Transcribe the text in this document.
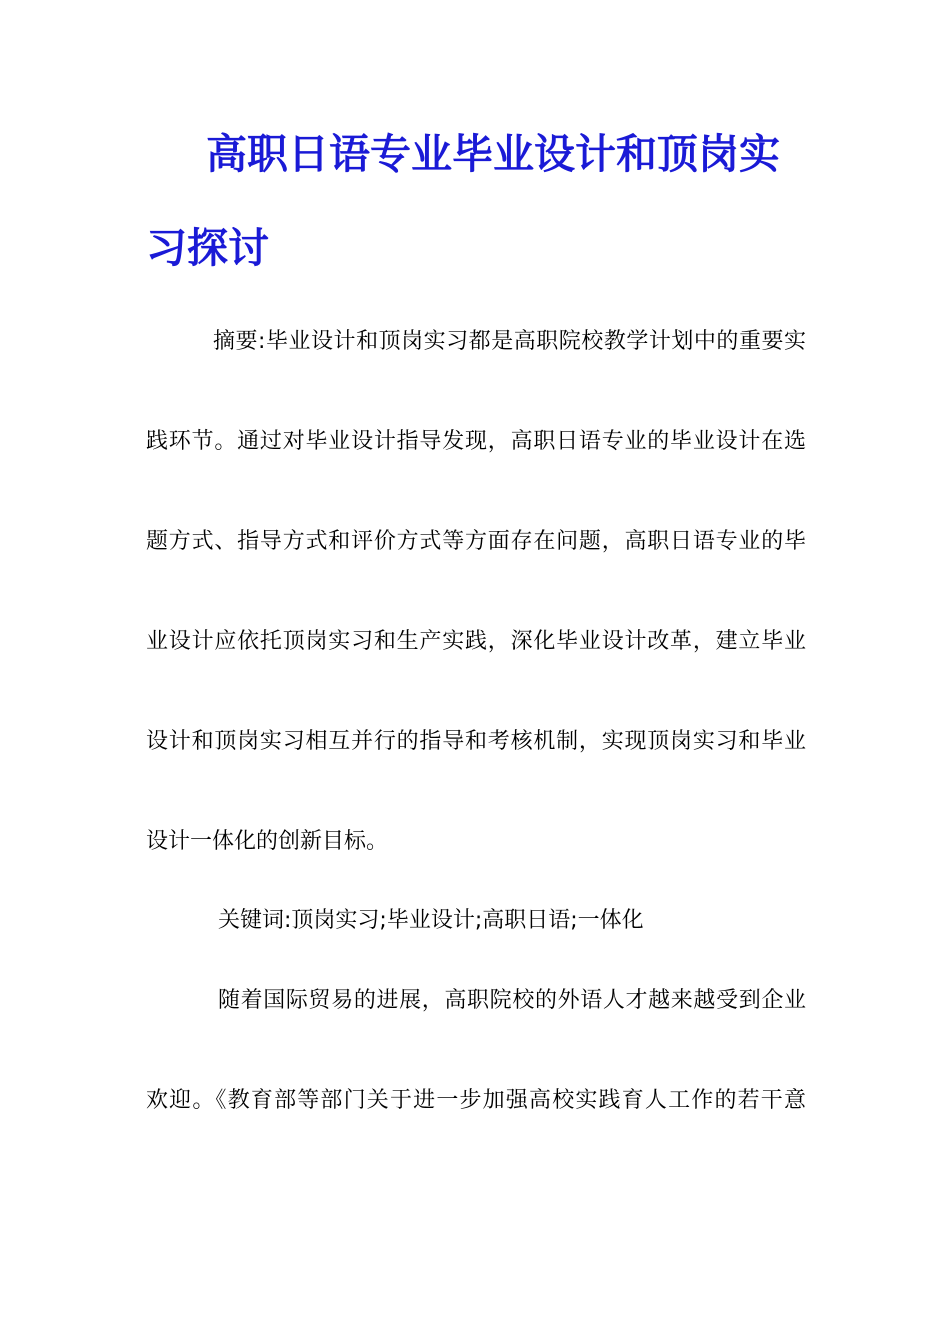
高职日语专业毕业设计和顶岗实
习探讨
摘要:毕业设计和顶岗实习都是高职院校教学计划中的重要实
践环节。通过对毕业设计指导发现，高职日语专业的毕业设计在选
题方式、指导方式和评价方式等方面存在问题，高职日语专业的毕
业设计应依托顶岗实习和生产实践，深化毕业设计改革，建立毕业
设计和顶岗实习相互并行的指导和考核机制，实现顶岗实习和毕业
设计一体化的创新目标。
关键词:顶岗实习;毕业设计;高职日语;一体化
随着国际贸易的进展，高职院校的外语人才越来越受到企业
欢迎。《教育部等部门关于进一步加强高校实践育人工作的若干意
